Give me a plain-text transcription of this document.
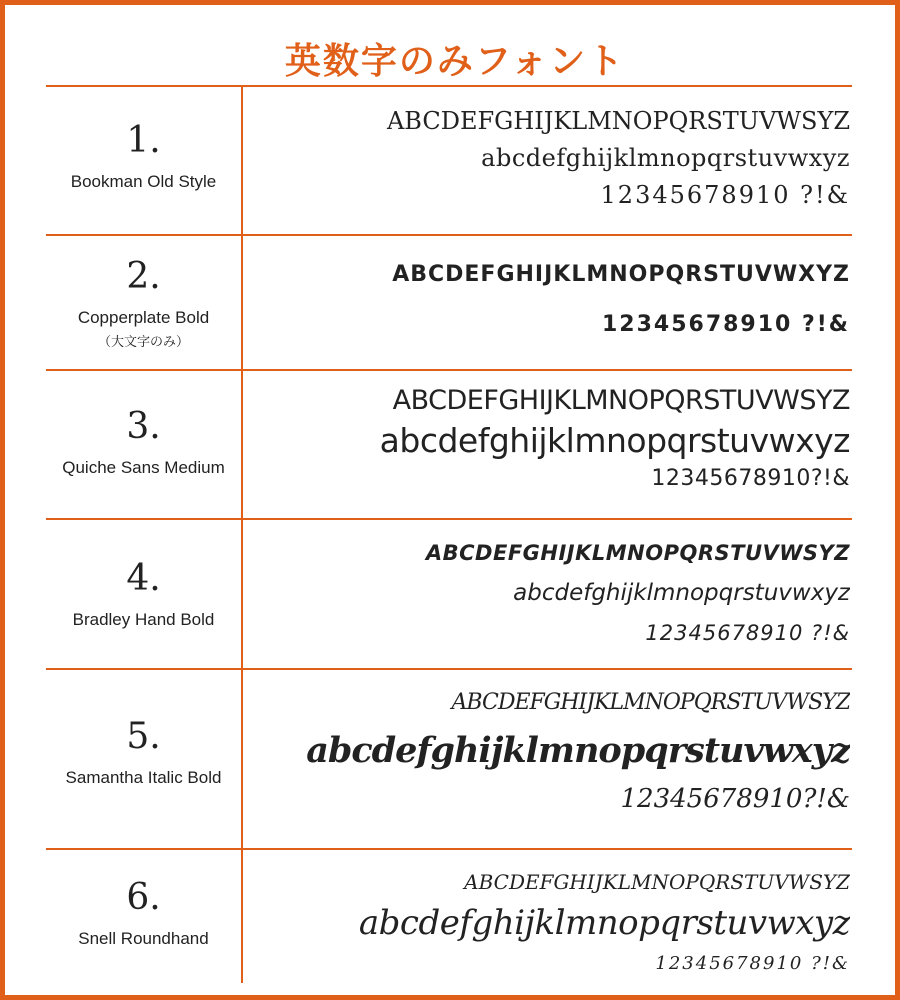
英数字のみフォント
1.
Bookman Old Style
ABCDEFGHIJKLMNOPQRSTUVWSYZ
abcdefghijklmnopqrstuvwxyz
12345678910 ?!&
2.
Copperplate Bold
（大文字のみ）
ABCDEFGHIJKLMNOPQRSTUVWXYZ
12345678910 ?!&
3.
Quiche Sans Medium
ABCDEFGHIJKLMNOPQRSTUVWSYZ
abcdefghijklmnopqrstuvwxyz
12345678910?!&
4.
Bradley Hand Bold
ABCDEFGHIJKLMNOPQRSTUVWSYZ
abcdefghijklmnopqrstuvwxyz
12345678910 ?!&
5.
Samantha Italic Bold
ABCDEFGHIJKLMNOPQRSTUVWSYZ
abcdefghijklmnopqrstuvwxyz
12345678910?!&
6.
Snell Roundhand
ABCDEFGHIJKLMNOPQRSTUVWSYZ
abcdefghijklmnopqrstuvwxyz
12345678910 ?!&
